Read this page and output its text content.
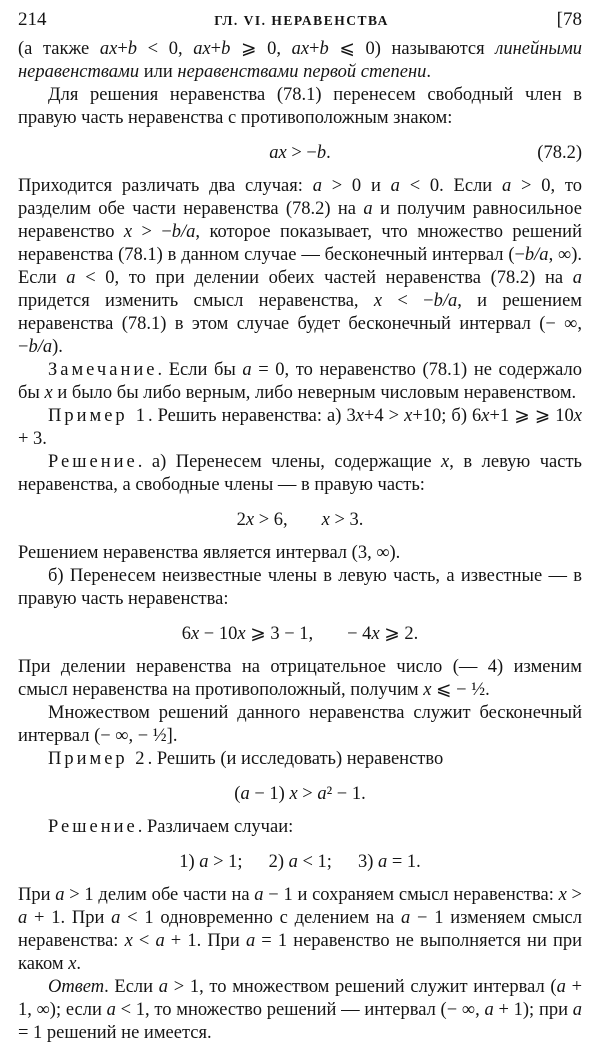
214	ГЛ. VI. НЕРАВЕНСТВА	[78

(а также ax+b < 0, ax+b ⩾ 0, ax+b ⩽ 0) называются линейными неравенствами или неравенствами первой степени.

Для решения неравенства (78.1) перенесем свободный член в правую часть неравенства с противоположным знаком:

ax > −b.	(78.2)

Приходится различать два случая: a > 0 и a < 0. Если a > 0, то разделим обе части неравенства (78.2) на a и получим равносильное неравенство x > −b/a, которое показывает, что множество решений неравенства (78.1) в данном случае — бесконечный интервал (−b/a, ∞). Если a < 0, то при делении обеих частей неравенства (78.2) на a придется изменить смысл неравенства, x < −b/a, и решением неравенства (78.1) в этом случае будет бесконечный интервал (− ∞, −b/a).

Замечание. Если бы a = 0, то неравенство (78.1) не содержало бы x и было бы либо верным, либо неверным числовым неравенством.

Пример 1. Решить неравенства: а) 3x+4 > x+10; б) 6x+1 ⩾ ⩾ 10x + 3.

Решение. а) Перенесем члены, содержащие x, в левую часть неравенства, а свободные члены — в правую часть:

2x > 6, x > 3.

Решением неравенства является интервал (3, ∞).

б) Перенесем неизвестные члены в левую часть, а известные — в правую часть неравенства:

6x − 10x ⩾ 3 − 1, − 4x ⩾ 2.

При делении неравенства на отрицательное число (— 4) изменим смысл неравенства на противоположный, получим x ⩽ − ½.

Множеством решений данного неравенства служит бесконечный интервал (− ∞, − ½].

Пример 2. Решить (и исследовать) неравенство

(a − 1) x > a² − 1.

Решение. Различаем случаи:

1) a > 1; 2) a < 1; 3) a = 1.

При a > 1 делим обе части на a − 1 и сохраняем смысл неравенства: x > a + 1. При a < 1 одновременно с делением на a − 1 изменяем смысл неравенства: x < a + 1. При a = 1 неравенство не выполняется ни при каком x.

Ответ. Если a > 1, то множеством решений служит интервал (a + 1, ∞); если a < 1, то множество решений — интервал (− ∞, a + 1); при a = 1 решений не имеется.
